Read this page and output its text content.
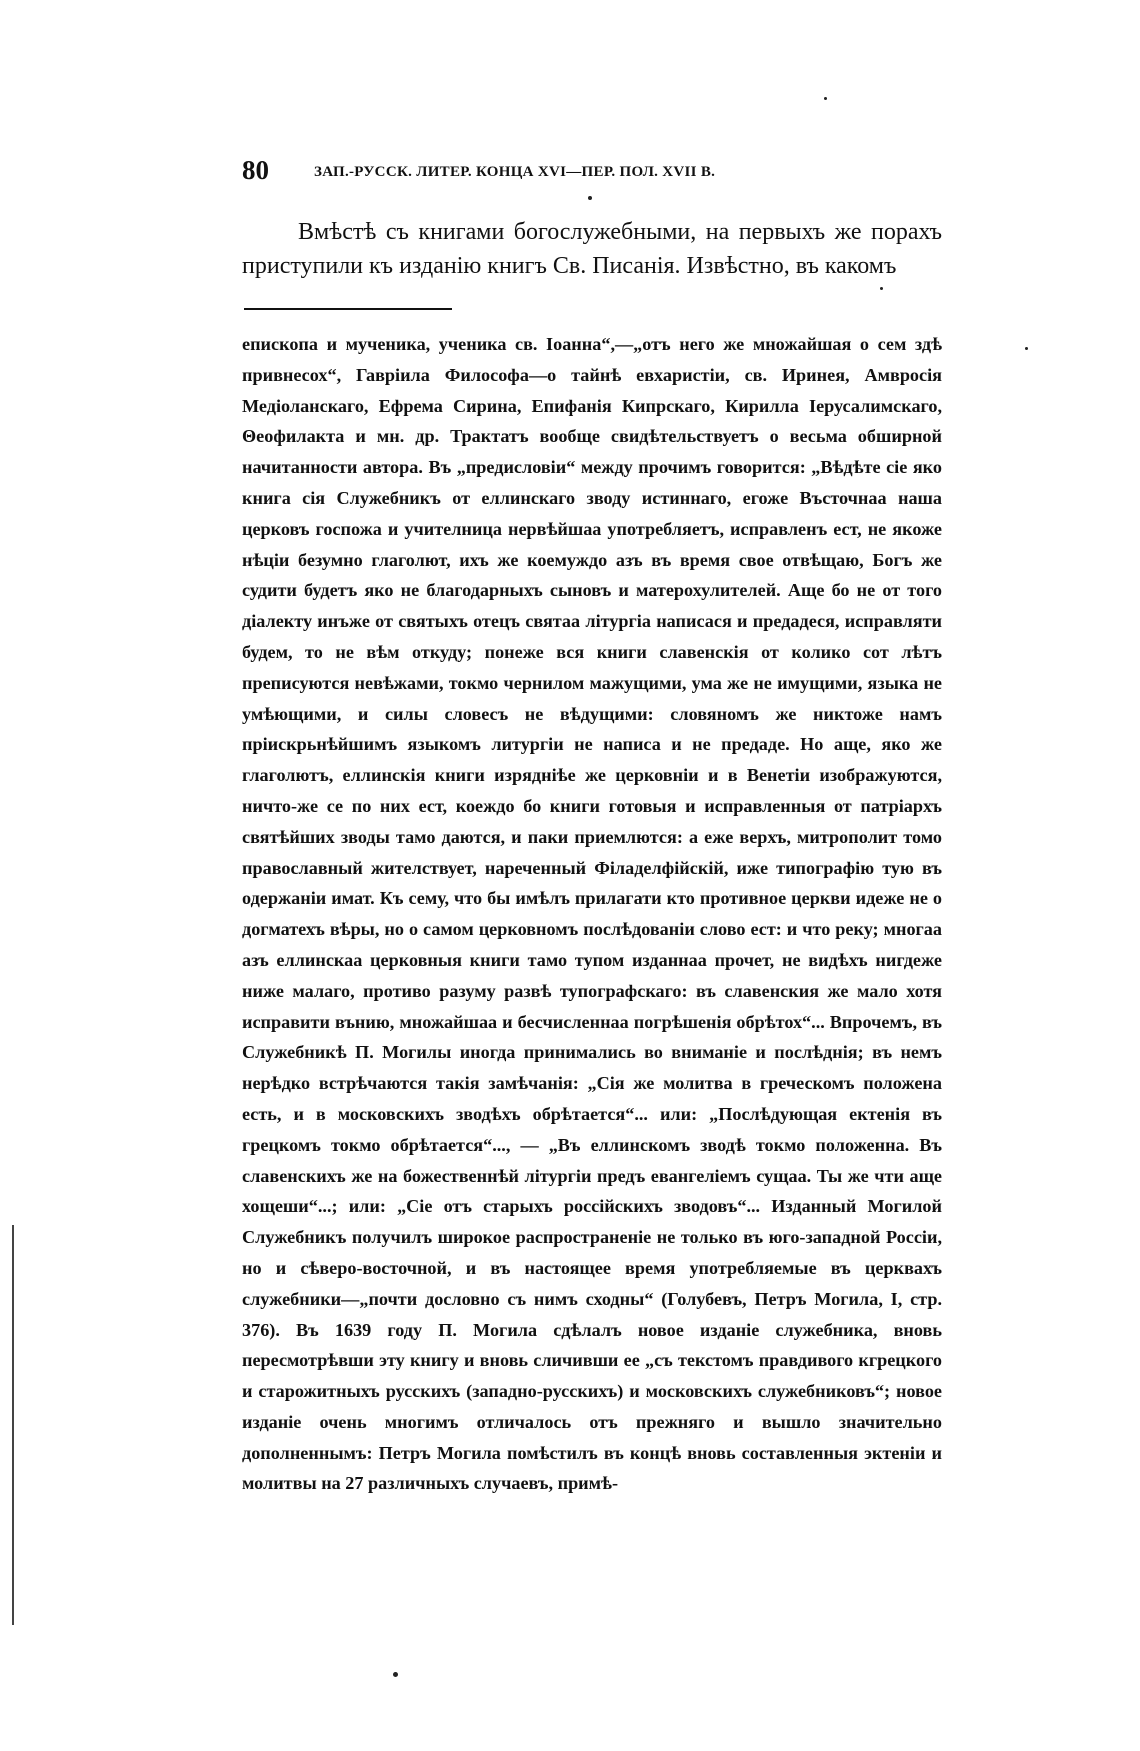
80	ЗАП.-РУССК. ЛИТЕР. КОНЦА XVI—ПЕР. ПОЛ. XVII В.

Вмѣстѣ съ книгами богослужебными, на первыхъ же порахъ приступили къ изданію книгъ Св. Писанія. Извѣстно, въ какомъ

епископа и мученика, ученика св. Іоанна“,—„отъ него же множайшая о сем здѣ привнесох“, Гавріила Философа—о тайнѣ евхаристіи, св. Иринея, Амвросія Медіоланскаго, Ефрема Сирина, Епифанія Кипрскаго, Кирилла Іерусалимскаго, Θеофилакта и мн. др. Трактатъ вообще свидѣтельствуетъ о весьма обширной начитанности автора. Въ „предисловіи“ между прочимъ говорится: „Вѣдѣте сіе яко книга сія Служебникъ от еллинскаго зводу истиннаго, егоже Въсточнаа наша церковъ госпожа и учителница нервѣйшаа употребляетъ, исправленъ ест, не якоже нѣціи безумно глаголют, ихъ же коемуждо азъ въ время свое отвѣщаю, Богъ же судити будетъ яко не благодарныхъ сыновъ и матерохулителей. Аще бо не от того діалекту инъже от святыхъ отецъ святаа літургіа написася и предадеся, исправляти будем, то не вѣм откуду; понеже вся книги славенскія от колико сот лѣтъ преписуются невѣжами, токмо чернилом мажущими, ума же не имущими, языка не умѣющими, и силы словесъ не вѣдущими: словяномъ же никтоже намъ пріискрьнѣйшимъ языкомъ литургіи не написа и не предаде. Но аще, яко же глаголютъ, еллинскія книги изрядніѣе же церковніи и в Венетіи изображуются, ничто-же се по них ест, коеждо бо книги готовыя и исправленныя от патріархъ святѣйших зводы тамо даются, и паки приемлются: а еже верхъ, митрополит томо православный жителствует, нареченный Філаделфійскій, иже типографію тую въ одержаніи имат. Къ сему, что бы имѣлъ прилагати кто противное церкви идеже не о догматехъ вѣры, но о самом церковномъ послѣдованіи слово ест: и что реку; многаа азъ еллинскаа церковныя книги тамо тупом изданнаа прочет, не видѣхъ нигдеже ниже малаго, противо разуму развѣ тупографскаго: въ славенския же мало хотя исправити вънию, множайшаа и бесчисленнаа погрѣшенія обрѣтох“... Впрочемъ, въ Служебникѣ П. Могилы иногда принимались во вниманіе и послѣднія; въ немъ нерѣдко встрѣчаются такія замѣчанія: „Сія же молитва в греческомъ положена есть, и в московскихъ зводѣхъ обрѣтается“... или: „Послѣдующая ектенія въ грецкомъ токмо обрѣтается“..., — „Въ еллинскомъ зводѣ токмо положенна. Въ славенскихъ же на божественнѣй літургіи предъ евангеліемъ сущаа. Ты же чти аще хощеши“...; или: „Сіе отъ старыхъ россійскихъ зводовъ“... Изданный Могилой Служебникъ получилъ широкое распространеніе не только въ юго-западной Россіи, но и сѣверо-восточной, и въ настоящее время употребляемые въ церквахъ служебники—„почти дословно съ нимъ сходны“ (Голубевъ, Петръ Могила, I, стр. 376). Въ 1639 году П. Могила сдѣлалъ новое изданіе служебника, вновь пересмотрѣвши эту книгу и вновь сличивши ее „съ текстомъ правдивого кгрецкого и старожитныхъ русскихъ (западно-русскихъ) и московскихъ служебниковъ“; новое изданіе очень многимъ отличалось отъ прежняго и вышло значительно дополненнымъ: Петръ Могила помѣстилъ въ концѣ вновь составленныя эктеніи и молитвы на 27 различныхъ случаевъ, примѣ-
